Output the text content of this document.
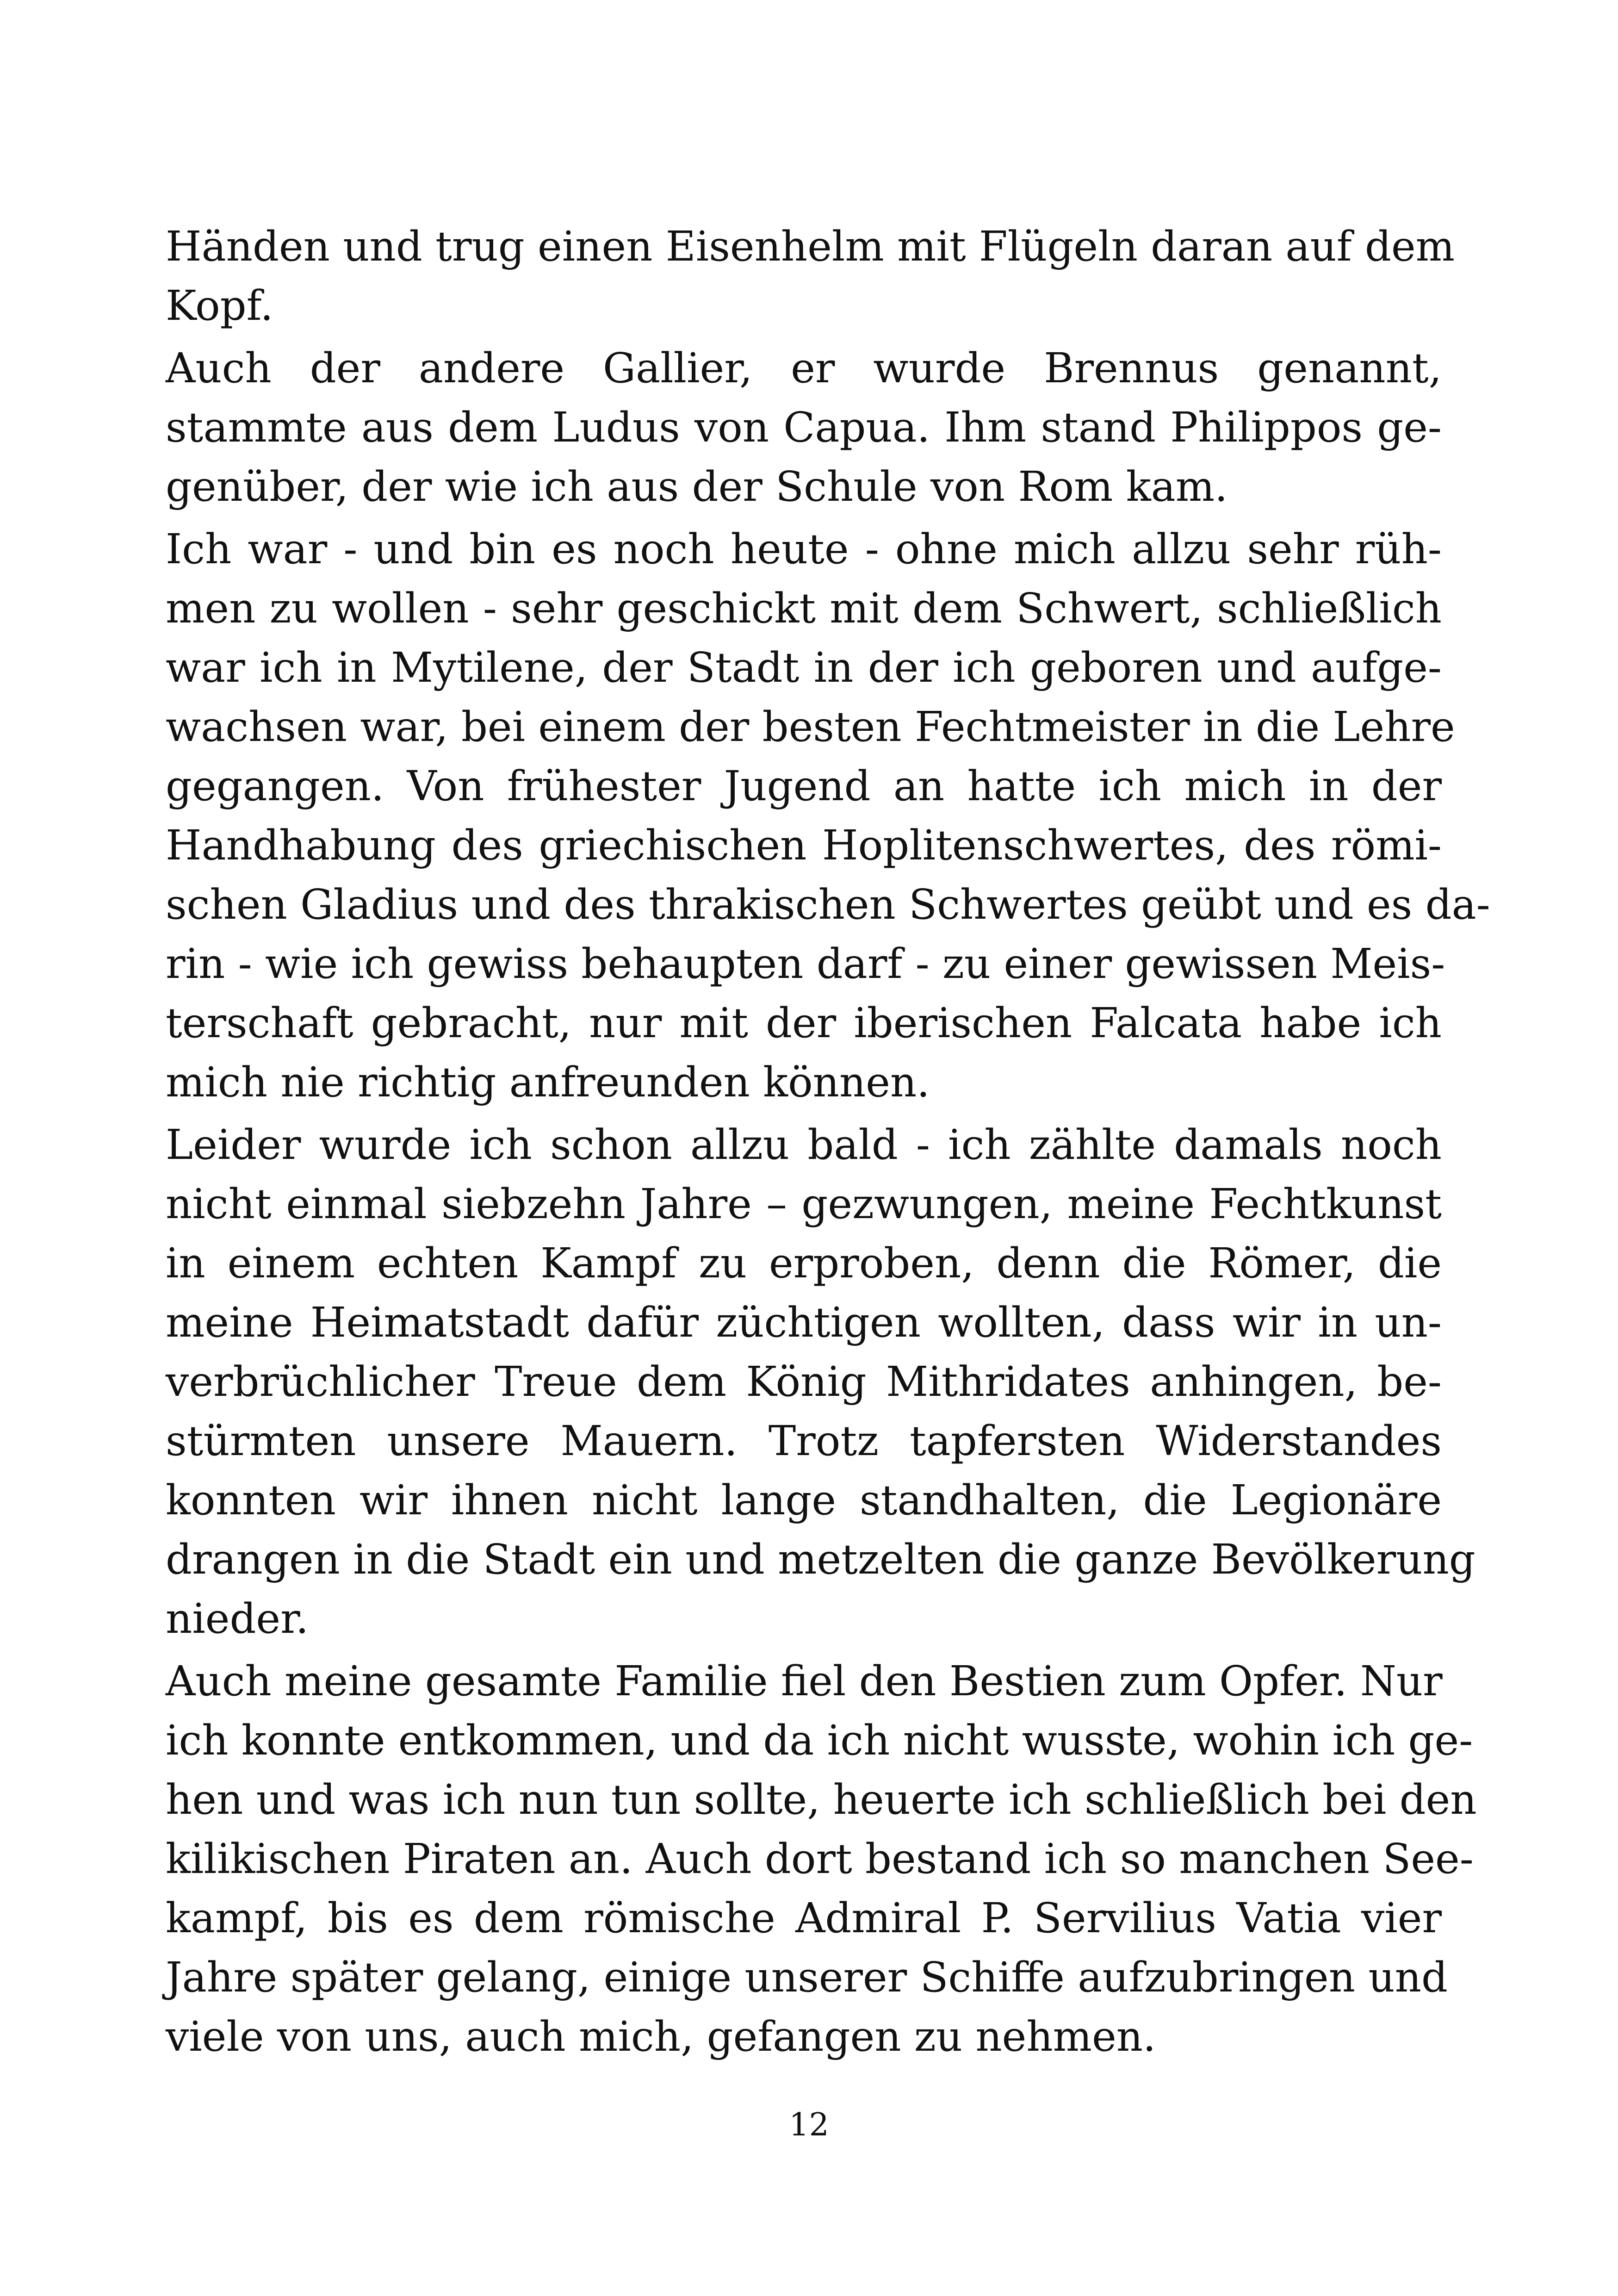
Händen und trug einen Eisenhelm mit Flügeln daran auf dem
Kopf.
Auch der andere Gallier, er wurde Brennus genannt,
stammte aus dem Ludus von Capua. Ihm stand Philippos ge-
genüber, der wie ich aus der Schule von Rom kam.
Ich war - und bin es noch heute - ohne mich allzu sehr rüh-
men zu wollen - sehr geschickt mit dem Schwert, schließlich
war ich in Mytilene, der Stadt in der ich geboren und aufge-
wachsen war, bei einem der besten Fechtmeister in die Lehre
gegangen. Von frühester Jugend an hatte ich mich in der
Handhabung des griechischen Hoplitenschwertes, des römi-
schen Gladius und des thrakischen Schwertes geübt und es da-
rin - wie ich gewiss behaupten darf - zu einer gewissen Meis-
terschaft gebracht, nur mit der iberischen Falcata habe ich
mich nie richtig anfreunden können.
Leider wurde ich schon allzu bald - ich zählte damals noch
nicht einmal siebzehn Jahre – gezwungen, meine Fechtkunst
in einem echten Kampf zu erproben, denn die Römer, die
meine Heimatstadt dafür züchtigen wollten, dass wir in un-
verbrüchlicher Treue dem König Mithridates anhingen, be-
stürmten unsere Mauern. Trotz tapfersten Widerstandes
konnten wir ihnen nicht lange standhalten, die Legionäre
drangen in die Stadt ein und metzelten die ganze Bevölkerung
nieder.
Auch meine gesamte Familie fiel den Bestien zum Opfer. Nur
ich konnte entkommen, und da ich nicht wusste, wohin ich ge-
hen und was ich nun tun sollte, heuerte ich schließlich bei den
kilikischen Piraten an. Auch dort bestand ich so manchen See-
kampf, bis es dem römische Admiral P. Servilius Vatia vier
Jahre später gelang, einige unserer Schiffe aufzubringen und
viele von uns, auch mich, gefangen zu nehmen.
12
